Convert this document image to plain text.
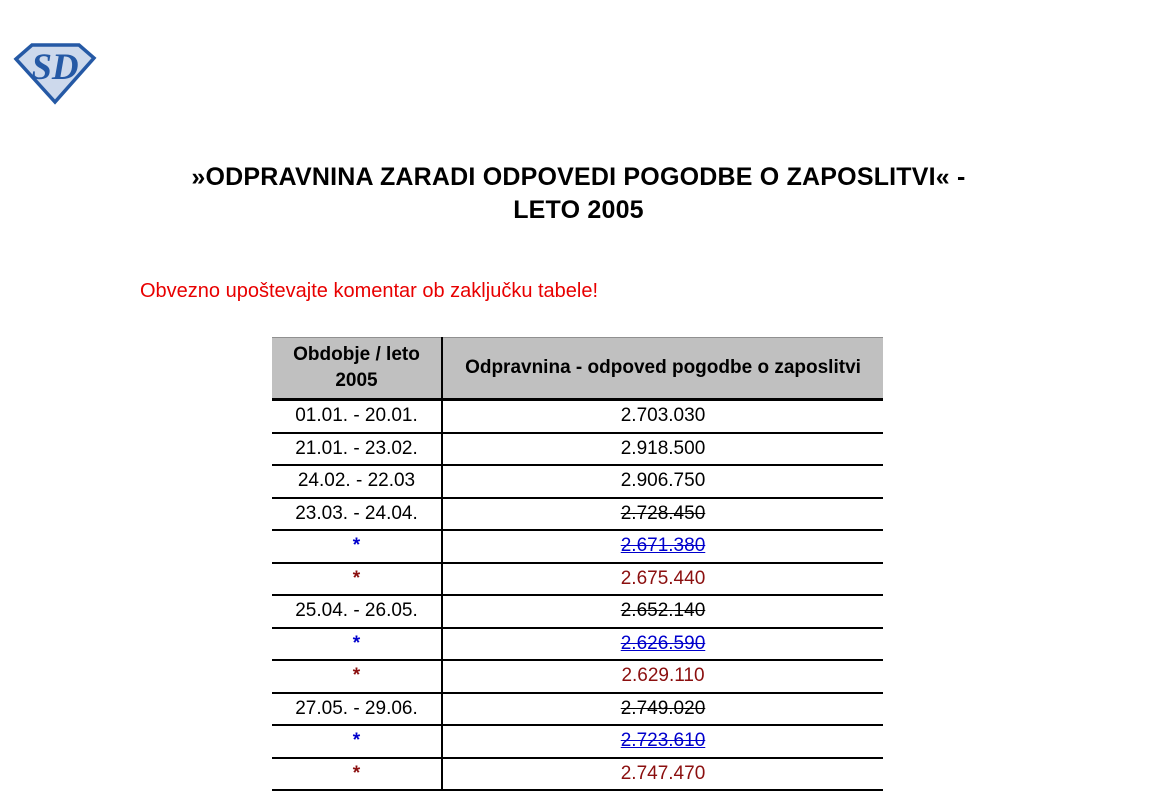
SD
»ODPRAVNINA ZARADI ODPOVEDI POGODBE O ZAPOSLITVI« -
LETO 2005
Obvezno upoštevajte komentar ob zaključku tabele!
Obdobje / leto 2005	Odpravnina - odpoved pogodbe o zaposlitvi
01.01. - 20.01.	2.703.030
21.01. - 23.02.	2.918.500
24.02. - 22.03	2.906.750
23.03. - 24.04.	2.728.450
*	2.671.380
*	2.675.440
25.04. - 26.05.	2.652.140
*	2.626.590
*	2.629.110
27.05. - 29.06.	2.749.020
*	2.723.610
*	2.747.470
